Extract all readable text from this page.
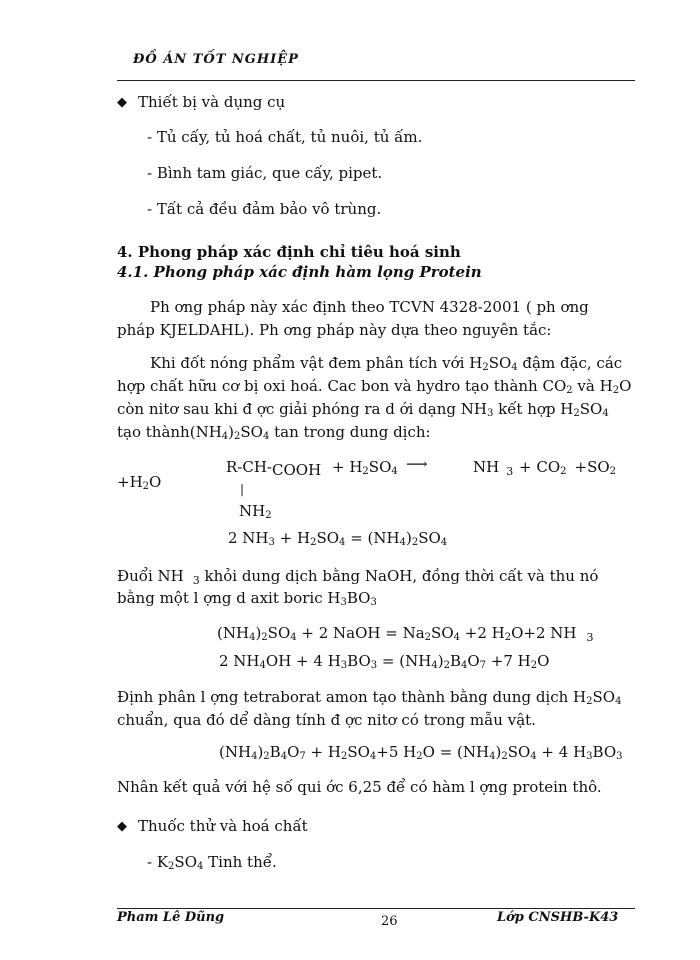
ĐỒ ÁN TỐT NGHIỆP
◆ Thiết bị và dụng cụ
- Tủ cấy, tủ hoá chất, tủ nuôi, tủ ấm.
- Bình tam giác, que cấy, pipet.
- Tất cả đều đảm bảo vô trùng.
4. Phong pháp xác định chỉ tiêu hoá sinh
4.1. Phong pháp xác định hàm lọng Protein
Ph ơng pháp này xác định theo TCVN 4328-2001 ( ph ơng
pháp KJELDAHL). Ph ơng pháp này dựa theo nguyên tắc:
Khi đốt nóng phẩm vật đem phân tích với $H_2SO_4$ đậm đặc, các
hợp chất hữu cơ bị oxi hoá. Cac bon và hydro tạo thành $CO_2$ và $H_2O$
còn nitơ sau khi đ ợc giải phóng ra d ới dạng $NH_3$ kết hợp $H_2SO_4$
tạo $thành(NH_4)_2SO_4$ tan trong dung dịch:
R-CH-COOH + $H_2SO_4$ ⟶	NH $_3 + CO_2 +SO_2$
$+H_2O$	|
$NH_2$
2 $NH_3 + H_2SO_4 = (NH_4)_2SO_4$
Đuổi NH $_3$ khỏi dung dịch bằng NaOH, đồng thời cất và thu nó
bằng một l ợng d axit boric $H_3BO_3$
$(NH_4)_2SO_4 + 2$ NaOH = $Na_2SO_4 +2$ $H_2O+2$ NH $_3$
2 $NH_4OH + 4$ $H_3BO_3 = (NH_4)_2B_4O_7 +7$ $H_2O$
Định phân l ợng tetraborat amon tạo thành bằng dung dịch $H_2SO_4$
chuẩn, qua đó dể dàng tính đ ợc nitơ có trong mẫu vật.
$(NH_4)_2B_4O_7 + H_2SO_4+5$ $H_2O = (NH_4)_2SO_4 + 4$ $H_3BO_3$
Nhân kết quả với hệ số qui ớc 6,25 để có hàm l ợng protein thô.
◆ Thuốc thử và hoá chất
- $K_2SO_4$ Tinh thể.
Pham Lê Dũng	26	Lớp CNSHB-K43
